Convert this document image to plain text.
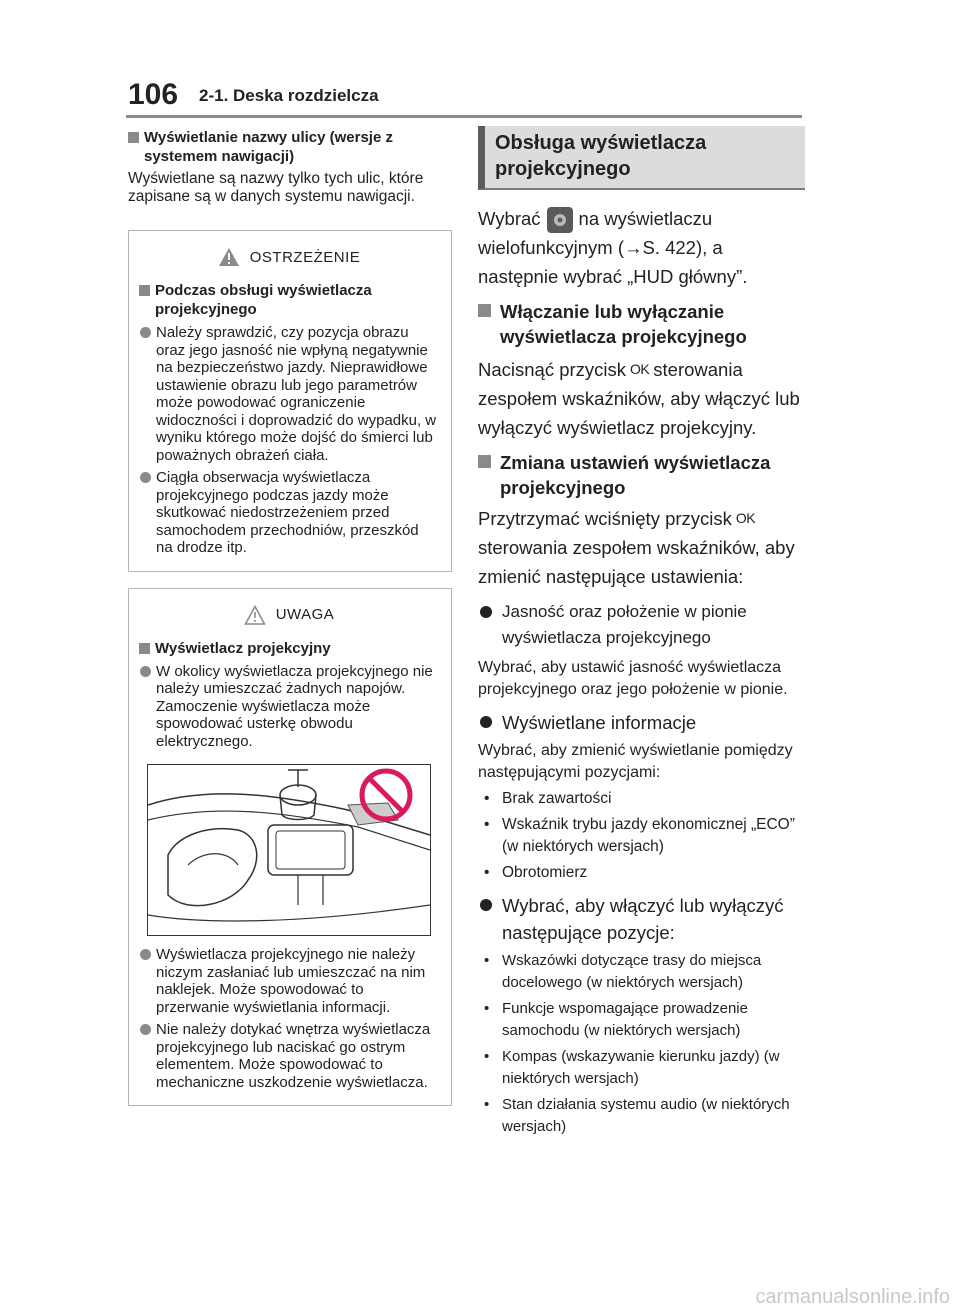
106 2-1. Deska rozdzielcza
Wyświetlanie nazwy ulicy (wersje z systemem nawigacji)
Wyświetlane są nazwy tylko tych ulic, które zapisane są w danych systemu nawigacji.
OSTRZEŻENIE
Podczas obsługi wyświetlacza projekcyjnego
Należy sprawdzić, czy pozycja obrazu oraz jego jasność nie wpłyną negatywnie na bezpieczeństwo jazdy. Nieprawidłowe ustawienie obrazu lub jego parametrów może powodować ograniczenie widoczności i doprowadzić do wypadku, w wyniku którego może dojść do śmierci lub poważnych obrażeń ciała.
Ciągła obserwacja wyświetlacza projekcyjnego podczas jazdy może skutkować niedostrzeżeniem przed samochodem przechodniów, przeszkód na drodze itp.
UWAGA
Wyświetlacz projekcyjny
W okolicy wyświetlacza projekcyjnego nie należy umieszczać żadnych napojów. Zamoczenie wyświetlacza może spowodować usterkę obwodu elektrycznego.
Wyświetlacza projekcyjnego nie należy niczym zasłaniać lub umieszczać na nim naklejek. Może spowodować to przerwanie wyświetlania informacji.
Nie należy dotykać wnętrza wyświetlacza projekcyjnego lub naciskać go ostrym elementem. Może spowodować to mechaniczne uszkodzenie wyświetlacza.
Obsługa wyświetlacza projekcyjnego
Wybrać na wyświetlaczu wielofunkcyjnym (→S. 422), a następnie wybrać „HUD główny”.
Włączanie lub wyłączanie wyświetlacza projekcyjnego
Nacisnąć przycisk OK sterowania zespołem wskaźników, aby włączyć lub wyłączyć wyświetlacz projekcyjny.
Zmiana ustawień wyświetlacza projekcyjnego
Przytrzymać wciśnięty przycisk OKsterowania zespołem wskaźników, aby zmienić następujące ustawienia:
Jasność oraz położenie w pionie wyświetlacza projekcyjnego
Wybrać, aby ustawić jasność wyświetlacza projekcyjnego oraz jego położenie w pionie.
Wyświetlane informacje
Wybrać, aby zmienić wyświetlanie pomiędzy następującymi pozycjami:
• Brak zawartości
• Wskaźnik trybu jazdy ekonomicznej „ECO” (w niektórych wersjach)
• Obrotomierz
Wybrać, aby włączyć lub wyłączyć następujące pozycje:
• Wskazówki dotyczące trasy do miejsca docelowego (w niektórych wersjach)
• Funkcje wspomagające prowadzenie samochodu (w niektórych wersjach)
• Kompas (wskazywanie kierunku jazdy) (w niektórych wersjach)
• Stan działania systemu audio (w niektórych wersjach)
carmanualsonline.info
